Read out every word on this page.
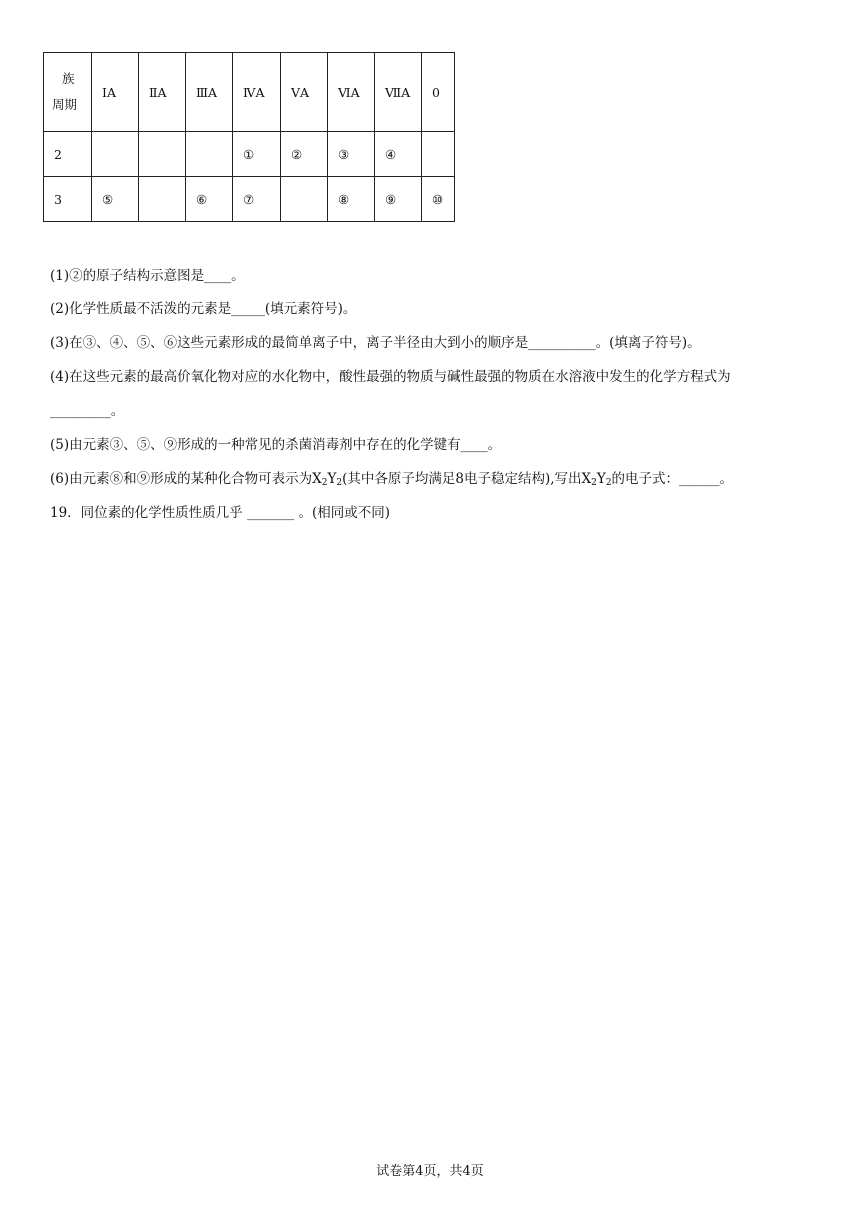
族
周期	ⅠA	ⅡA	ⅢA	ⅣA	ⅤA	ⅥA	ⅦA	0
2				①	②	③	④	
3	⑤		⑥	⑦		⑧	⑨	⑩
(1)②的原子结构示意图是____。
(2)化学性质最不活泼的元素是_____(填元素符号)。
(3)在③、④、⑤、⑥这些元素形成的最简单离子中，离子半径由大到小的顺序是__________。(填离子符号)。
(4)在这些元素的最高价氧化物对应的水化物中，酸性最强的物质与碱性最强的物质在水溶液中发生的化学方程式为
_________。
(5)由元素③、⑤、⑨形成的一种常见的杀菌消毒剂中存在的化学键有____。
(6)由元素⑧和⑨形成的某种化合物可表示为$X_2Y_2$(其中各原子均满足8电子稳定结构),写出$X_2Y_2$的电子式：______。
19．同位素的化学性质性质几乎 _______ 。(相同或不同)
试卷第4页，共4页
